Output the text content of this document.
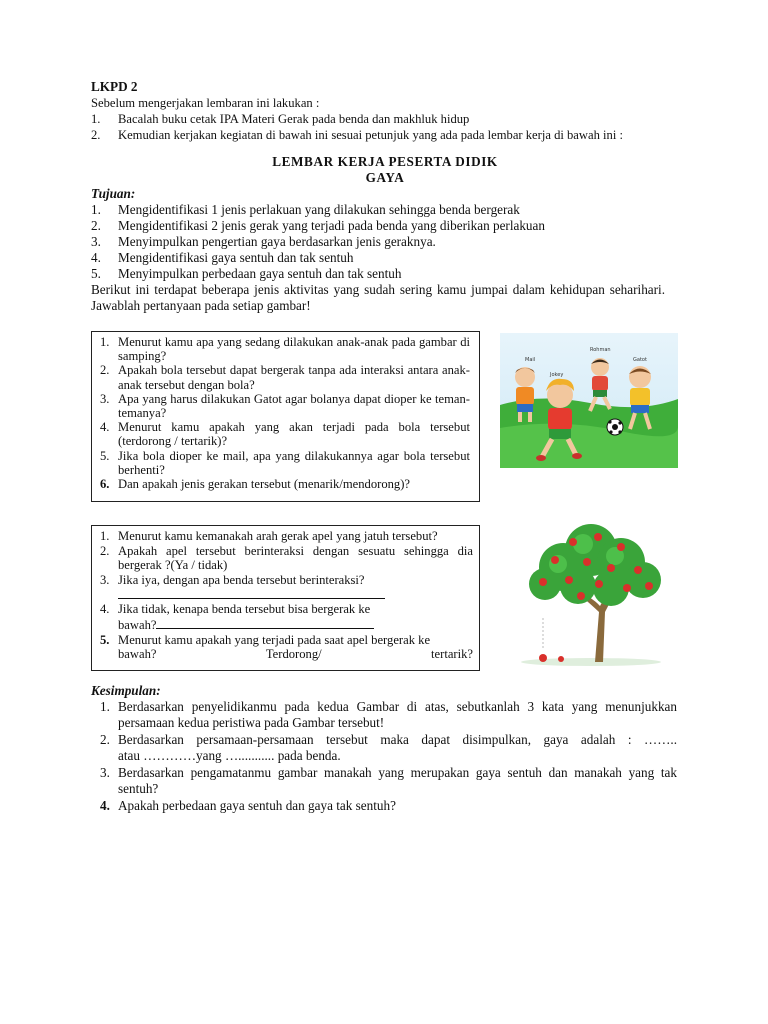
LKPD 2
Sebelum mengerjakan lembaran ini lakukan :
1. Bacalah buku cetak IPA Materi Gerak pada benda dan makhluk hidup
2. Kemudian kerjakan kegiatan di bawah ini sesuai petunjuk yang ada pada lembar kerja di bawah ini :
LEMBAR KERJA PESERTA DIDIK
GAYA
Tujuan:
1. Mengidentifikasi 1 jenis perlakuan yang dilakukan sehingga benda bergerak
2. Mengidentifikasi 2 jenis gerak yang terjadi pada benda yang diberikan perlakuan
3. Menyimpulkan pengertian gaya berdasarkan jenis geraknya.
4. Mengidentifikasi gaya sentuh dan tak sentuh
5. Menyimpulkan perbedaan gaya sentuh dan tak sentuh
Berikut ini terdapat beberapa jenis aktivitas yang sudah sering kamu jumpai dalam kehidupan seharihari. Jawablah pertanyaan pada setiap gambar!
1. Menurut kamu apa yang sedang dilakukan anak-anak pada gambar di samping?
2. Apakah bola tersebut dapat bergerak tanpa ada interaksi antara anak-anak tersebut dengan bola?
3. Apa yang harus dilakukan Gatot agar bolanya dapat dioper ke teman-temanya?
4. Menurut kamu apakah yang akan terjadi pada bola tersebut (terdorong / tertarik)?
5. Jika bola dioper ke mail, apa yang dilakukannya agar bola tersebut berhenti?
6. Dan apakah jenis gerakan tersebut (menarik/mendorong)?
Mail
Jokey
Rohman
Gatot
1. Menurut kamu kemanakah arah gerak apel yang jatuh tersebut?
2. Apakah apel tersebut berinteraksi dengan sesuatu sehingga dia bergerak ?(Ya / tidak)
3. Jika iya, dengan apa benda tersebut berinteraksi?
4. Jika tidak, kenapa benda tersebut bisa bergerak ke
bawah?
5. Menurut kamu apakah yang terjadi pada saat apel bergerak ke
bawah?	Terdorong/	tertarik?
Kesimpulan:
1. Berdasarkan penyelidikanmu pada kedua Gambar di atas, sebutkanlah 3 kata yang menunjukkan persamaan kedua peristiwa pada Gambar tersebut!
2. Berdasarkan persamaan-persamaan tersebut maka dapat disimpulkan, gaya adalah : ……..
atau …………yang …........... pada benda.
3. Berdasarkan pengamatanmu gambar manakah yang merupakan gaya sentuh dan manakah yang tak sentuh?
4. Apakah perbedaan gaya sentuh dan gaya tak sentuh?
